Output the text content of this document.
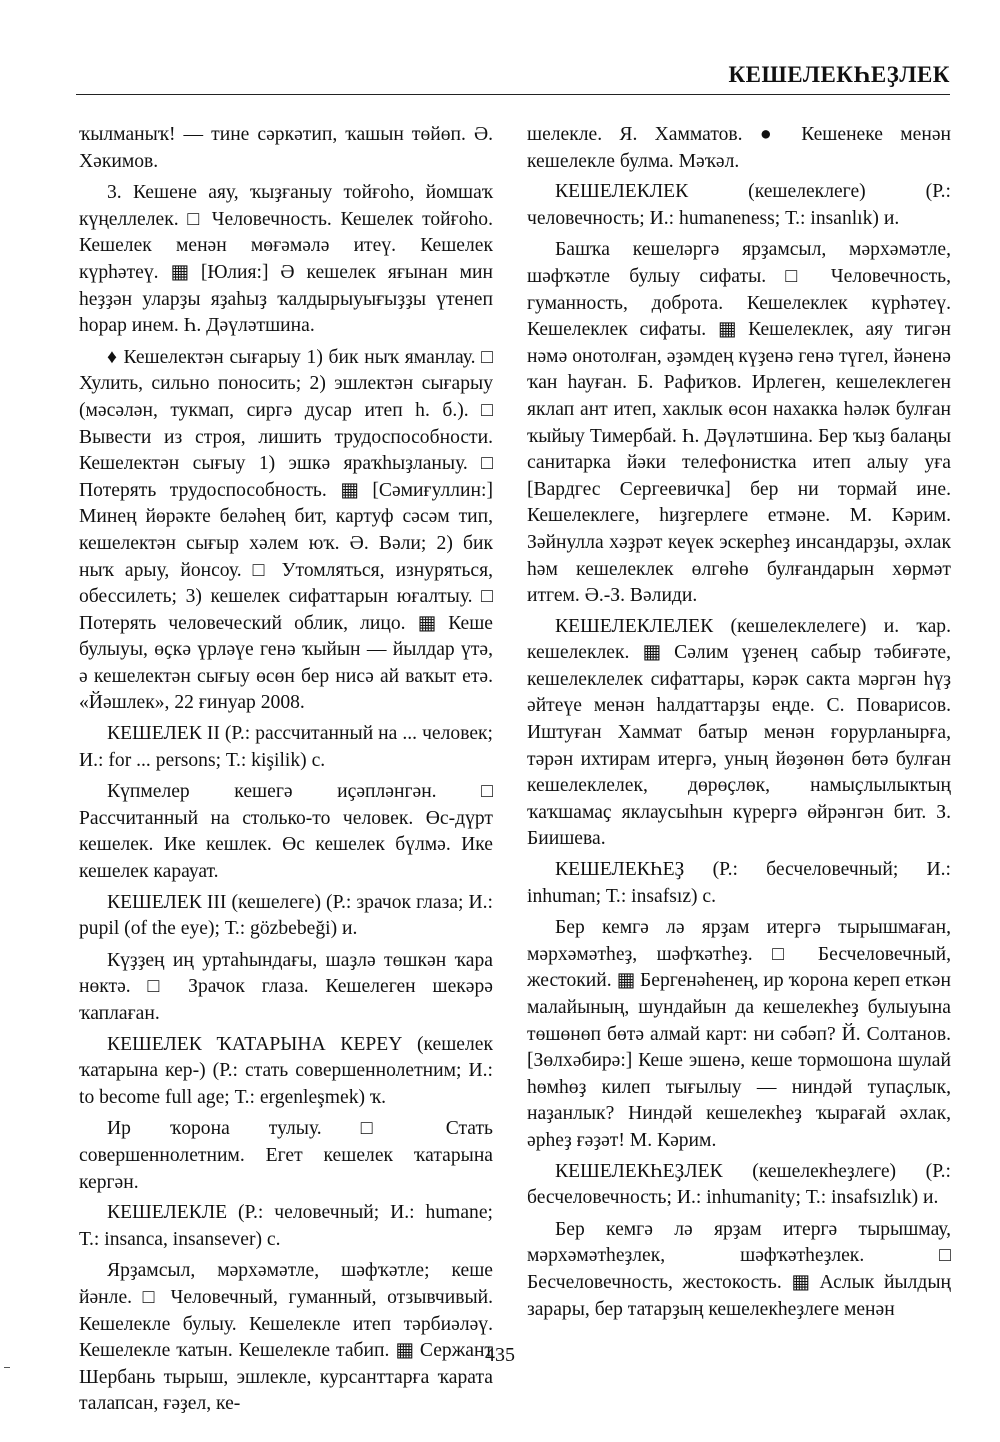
КЕШЕЛЕКҺЕҘЛЕК

ҡылманыҡ! — тине сәркәтип, ҡашын төйөп. Ә. Хәкимов.

3. Кешене аяу, ҡыҙғаныу тойғоһо, йомшаҡ күңеллелек. □ Человечность. Кешелек тойғоһо. Кешелек менән мөғәмәлә итеү. Кешелек күрһәтеү. ▦ [Юлия:] Ә кешелек яғынан мин һеҙҙән уларҙы яҙаһыҙ ҡалдырыуығыҙҙы үтенеп һорар инем. Һ. Дәүләтшина.

♦ Кешелектән сығарыу 1) бик ныҡ яманлау. □ Хулить, сильно поносить; 2) эшлектән сығарыу (мәсәлән, тукмап, сиргә дусар итеп һ. б.). □ Вывести из строя, лишить трудоспособности. Кешелектән сығыу 1) эшкә яраҡһыҙланыу. □ Потерять трудоспособность. ▦ [Сәмиғуллин:] Минең йөрәкте беләһең бит, картуф сәсәм тип, кешелектән сығыр хәлем юҡ. Ә. Вәли; 2) бик ныҡ арыу, йонсоу. □ Утомляться, изнуряться, обессилеть; 3) кешелек сифаттарын юғалтыу. □ Потерять человеческий облик, лицо. ▦ Кеше булыуы, өҫкә үрләүе генә ҡыйын — йылдар үтә, ә кешелектән сығыу өсөн бер нисә ай ваҡыт етә. «Йәшлек», 22 ғинуар 2008.

КЕШЕЛЕК II (Р.: рассчитанный на ... человек; И.: for ... persons; Т.: kişilik) с.

Күпмелер кешегә иҫәпләнгән. □ Рассчитанный на столько-то человек. Өс-дүрт кешелек. Ике кешлек. Өс кешелек бүлмә. Ике кешелек карауат.

КЕШЕЛЕК III (кешелеге) (Р.: зрачок глаза; И.: pupil (of the eye); Т.: gözbebeği) и.

Күҙҙең иң уртаһындағы, шаҙлә төшкән ҡара нөктә. □ Зрачок глаза. Кешелеген шекәрә ҡаплаған.

КЕШЕЛЕК ҠАТАРЫНА КЕРЕҮ (кешелек ҡатарына кер-) (Р.: стать совершеннолетним; И.: to become full age; Т.: ergenleşmek) ҡ.

Ир ҡорона тулыу. □ Стать совершеннолетним. Егет кешелек ҡатарына кергән.

КЕШЕЛЕКЛЕ (Р.: человечный; И.: humane; Т.: insanca, insansever) с.

Ярҙамсыл, мәрхәмәтле, шәфҡәтле; кеше йәнле. □ Человечный, гуманный, отзывчивый. Кешелекле булыу. Кешелекле итеп тәрбиәләү. Кешелекле ҡатын. Кешелекле табип. ▦ Сержант Шербань тырыш, эшлекле, курсанттарға ҡарата талапсан, ғәҙел, ке-

шелекле. Я. Хамматов. ● Кешенеке менән кешелекле булма. Мәҡәл.

КЕШЕЛЕКЛЕК (кешелеклеге) (Р.: человечность; И.: humaneness; Т.: insanlık) и.

Башҡа кешеләргә ярҙамсыл, мәрхәмәтле, шәфҡәтле булыу сифаты. □ Человечность, гуманность, доброта. Кешелеклек күрһәтеү. Кешелеклек сифаты. ▦ Кешелеклек, аяу тигән нәмә онотолған, әҙәмдең күҙенә генә түгел, йәненә ҡан һауған. Б. Рафиҡов. Ирлеген, кешелеклеген яклап ант итеп, хаклык өсон нахакка һәләк булған ҡыйыу Тимербай. Һ. Дәүләтшина. Бер ҡыҙ балаңы санитарка йәки телефонистка итеп алыу уға [Вардгес Сергеевичка] бер ни тормай ине. Кешелеклеге, һиҙгерлеге етмәне. М. Кәрим. Зәйнулла хәҙрәт кеүек эскерһеҙ инсандарҙы, әхлак һәм кешелеклек өлгөһө булғандарын хөрмәт итгем. Ә.-З. Вәлиди.

КЕШЕЛЕКЛЕЛЕК (кешелеклелеге) и. ҡар. кешелеклек. ▦ Сәлим үҙенең сабыр тәбиғәте, кешелеклелек сифаттары, кәрәк сакта мәргән һүҙ әйтеүе менән һалдаттарҙы еңде. С. Поварисов. Иштуған Хаммат батыр менән ғорурланырға, тәрән ихтирам итергә, уның йөҙөнөн бөтә булған кешелеклелек, дөрөҫлөк, намыҫлылыктың ҡаҡшамаҫ яклаусыһын күрергә өйрәнгән бит. З. Биишева.

КЕШЕЛЕКҺЕҘ (Р.: бесчеловечный; И.: inhuman; Т.: insafsız) с.

Бер кемгә лә ярҙам итергә тырышмаған, мәрхәмәтһеҙ, шәфҡәтһеҙ. □ Бесчеловечный, жестокий. ▦ Бергенәһенең, ир ҡорона кереп еткән малайының, шундайын да кешелекһеҙ булыуына төшөнөп бөтә алмай карт: ни сәбәп? Й. Солтанов. [Зөлхәбирә:] Кеше эшенә, кеше тормошона шулай һөмһөҙ килеп тығылыу — ниндәй тупаҫлык, наҙанлык? Ниндәй кешелекһеҙ ҡырағай әхлак, әрһеҙ ғәҙәт! М. Кәрим.

КЕШЕЛЕКҺЕҘЛЕК (кешелекһеҙлеге) (Р.: бесчеловечность; И.: inhumanity; Т.: insafsızlık) и.

Бер кемгә лә ярҙам итергә тырышмау, мәрхәмәтһеҙлек, шәфҡәтһеҙлек. □ Бесчеловечность, жестокость. ▦ Аслык йылдың зарары, бер татарҙың кешелекһеҙлеге менән

435
